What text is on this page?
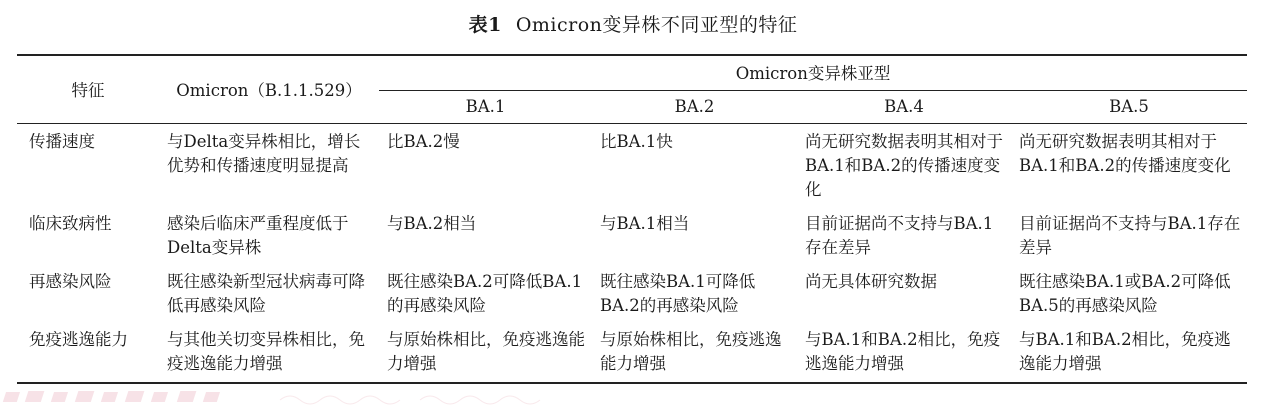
表1 Omicron变异株不同亚型的特征
特征	Omicron（B.1.1.529）	Omicron变异株亚型			
		BA.1	BA.2	BA.4	BA.5
传播速度	与Delta变异株相比，增长优势和传播速度明显提高	比BA.2慢	比BA.1快	尚无研究数据表明其相对于BA.1和BA.2的传播速度变化	尚无研究数据表明其相对于BA.1和BA.2的传播速度变化
临床致病性	感染后临床严重程度低于Delta变异株	与BA.2相当	与BA.1相当	目前证据尚不支持与BA.1存在差异	目前证据尚不支持与BA.1存在差异
再感染风险	既往感染新型冠状病毒可降低再感染风险	既往感染BA.2可降低BA.1的再感染风险	既往感染BA.1可降低BA.2的再感染风险	尚无具体研究数据	既往感染BA.1或BA.2可降低BA.5的再感染风险
免疫逃逸能力	与其他关切变异株相比，免疫逃逸能力增强	与原始株相比，免疫逃逸能力增强	与原始株相比，免疫逃逸能力增强	与BA.1和BA.2相比，免疫逃逸能力增强	与BA.1和BA.2相比，免疫逃逸能力增强
